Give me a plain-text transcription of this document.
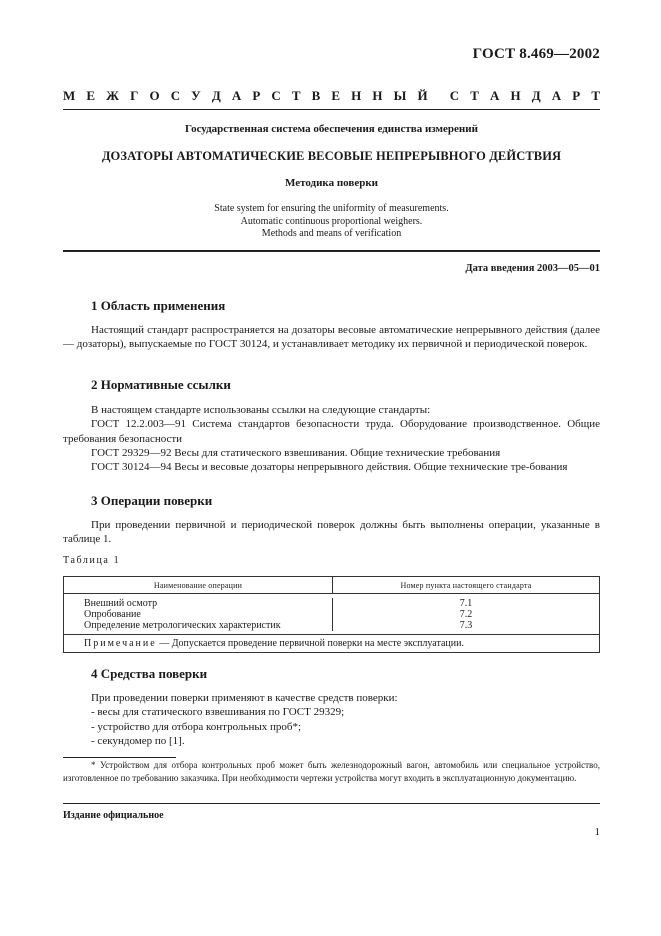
ГОСТ 8.469—2002
М Е Ж Г О С У Д А Р С Т В Е Н Н Ы Й С Т А Н Д А Р Т
Государственная система обеспечения единства измерений
ДОЗАТОРЫ АВТОМАТИЧЕСКИЕ ВЕСОВЫЕ НЕПРЕРЫВНОГО ДЕЙСТВИЯ
Методика поверки
State system for ensuring the uniformity of measurements.
Automatic continuous proportional weighers.
Methods and means of verification
Дата введения 2003—05—01
1 Область применения
Настоящий стандарт распространяется на дозаторы весовые автоматические непрерывного действия (далее — дозаторы), выпускаемые по ГОСТ 30124, и устанавливает методику их первичной и периодической поверок.
2 Нормативные ссылки
В настоящем стандарте использованы ссылки на следующие стандарты:
ГОСТ 12.2.003—91 Система стандартов безопасности труда. Оборудование производственное. Общие требования безопасности
ГОСТ 29329—92 Весы для статического взвешивания. Общие технические требования
ГОСТ 30124—94 Весы и весовые дозаторы непрерывного действия. Общие технические тре-бования
3 Операции поверки
При проведении первичной и периодической поверок должны быть выполнены операции, указанные в таблице 1.
Таблица 1
Наименование операции	Номер пункта настоящего стандарта
Внешний осмотр
Опробование
Определение метрологических характеристик
7.1
7.2
7.3
Примечание — Допускается проведение первичной поверки на месте эксплуатации.
4 Средства поверки
При проведении поверки применяют в качестве средств поверки:
- весы для статического взвешивания по ГОСТ 29329;
- устройство для отбора контрольных проб*;
- секундомер по [1].
* Устройством для отбора контрольных проб может быть железнодорожный вагон, автомобиль или специальное устройство, изготовленное по требованию заказчика. При необходимости чертежи устройства могут входить в эксплуатационную документацию.
Издание официальное
1
